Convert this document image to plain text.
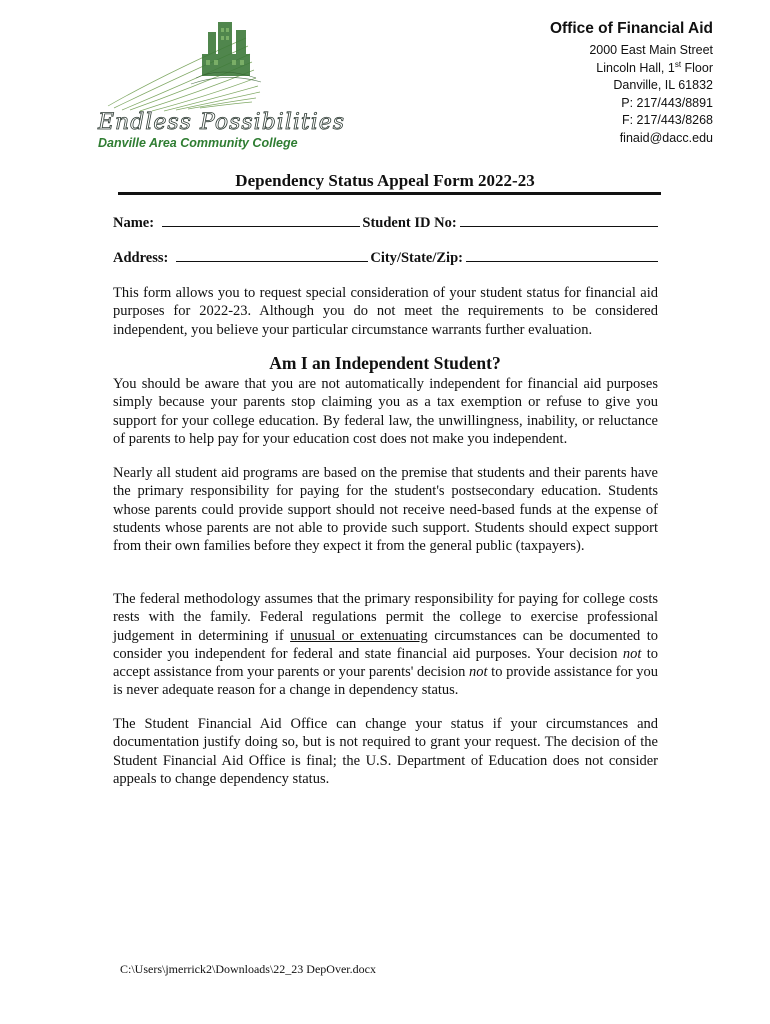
Endless Possibilities
Danville Area Community College
Office of Financial Aid
2000 East Main Street
Lincoln Hall, 1st Floor
Danville, IL 61832
P: 217/443/8891
F: 217/443/8268
finaid@dacc.edu
Dependency Status Appeal Form 2022-23
Name:	Student ID No:
Address:	City/State/Zip:

This form allows you to request special consideration of your student status for financial aid purposes for 2022-23. Although you do not meet the requirements to be considered independent, you believe your particular circumstance warrants further evaluation.

Am I an Independent Student?

You should be aware that you are not automatically independent for financial aid purposes simply because your parents stop claiming you as a tax exemption or refuse to give you support for your college education. By federal law, the unwillingness, inability, or reluctance of parents to help pay for your education cost does not make you independent.

Nearly all student aid programs are based on the premise that students and their parents have the primary responsibility for paying for the student's postsecondary education. Students whose parents could provide support should not receive need-based funds at the expense of students whose parents are not able to provide such support. Students should expect support from their own families before they expect it from the general public (taxpayers).

The federal methodology assumes that the primary responsibility for paying for college costs rests with the family. Federal regulations permit the college to exercise professional judgement in determining if unusual or extenuating circumstances can be documented to consider you independent for federal and state financial aid purposes. Your decision not to accept assistance from your parents or your parents' decision not to provide assistance for you is never adequate reason for a change in dependency status.

The Student Financial Aid Office can change your status if your circumstances and documentation justify doing so, but is not required to grant your request. The decision of the Student Financial Aid Office is final; the U.S. Department of Education does not consider appeals to change dependency status.

C:\Users\jmerrick2\Downloads\22_23 DepOver.docx
